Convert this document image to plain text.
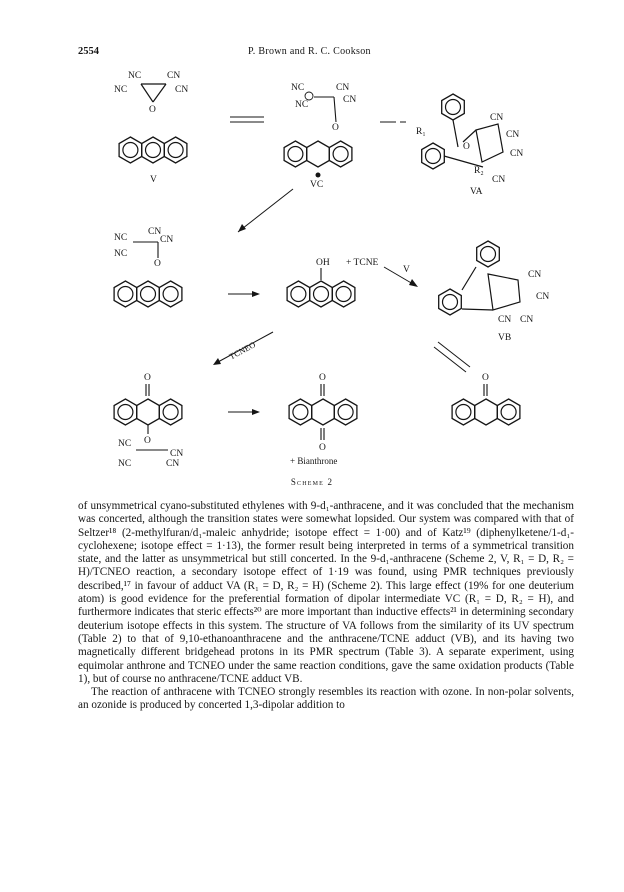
2554	P. Brown and R. C. Cookson
NC	CN
NC	CN
O
V
NC	CN
NC	CN
O
VC
R₁
O
CN
CN
CN
R₂
CN
VA
NC
CN
CN
NC
O	OH + TCNE
V	CN
CN
CN CN
VB
TCNEO
O
O
NC
CN
NC	CN
O
O
+ Bianthrone
O
Scheme 2

of unsymmetrical cyano-substituted ethylenes with 9-d₁-anthracene, and it was concluded that the mechanism was concerted, although the transition states were somewhat lopsided. Our system was compared with that of Seltzer¹⁸ (2-methylfuran/d₁-maleic anhydride; isotope effect = 1·00) and of Katz¹⁹ (diphenylketene/1-d₁-cyclohexene; isotope effect = 1·13), the former result being interpreted in terms of a symmetrical transition state, and the latter as unsymmetrical but still concerted. In the 9-d₁-anthracene (Scheme 2, V, R₁ = D, R₂ = H)/TCNEO reaction, a secondary isotope effect of 1·19 was found, using PMR techniques previously described,¹⁷ in favour of adduct VA (R₁ = D, R₂ = H) (Scheme 2). This large effect (19% for one deuterium atom) is good evidence for the preferential formation of dipolar intermediate VC (R₁ = D, R₂ = H), and furthermore indicates that steric effects²⁰ are more important than inductive effects²¹ in determining secondary deuterium isotope effects in this system. The structure of VA follows from the similarity of its UV spectrum (Table 2) to that of 9,10-ethanoanthracene and the anthracene/TCNE adduct (VB), and its having two magnetically different bridgehead protons in its PMR spectrum (Table 3). A separate experiment, using equimolar anthrone and TCNEO under the same reaction conditions, gave the same oxidation products (Table 1), but of course no anthracene/TCNE adduct VB.

The reaction of anthracene with TCNEO strongly resembles its reaction with ozone. In non-polar solvents, an ozonide is produced by concerted 1,3-dipolar addition to
